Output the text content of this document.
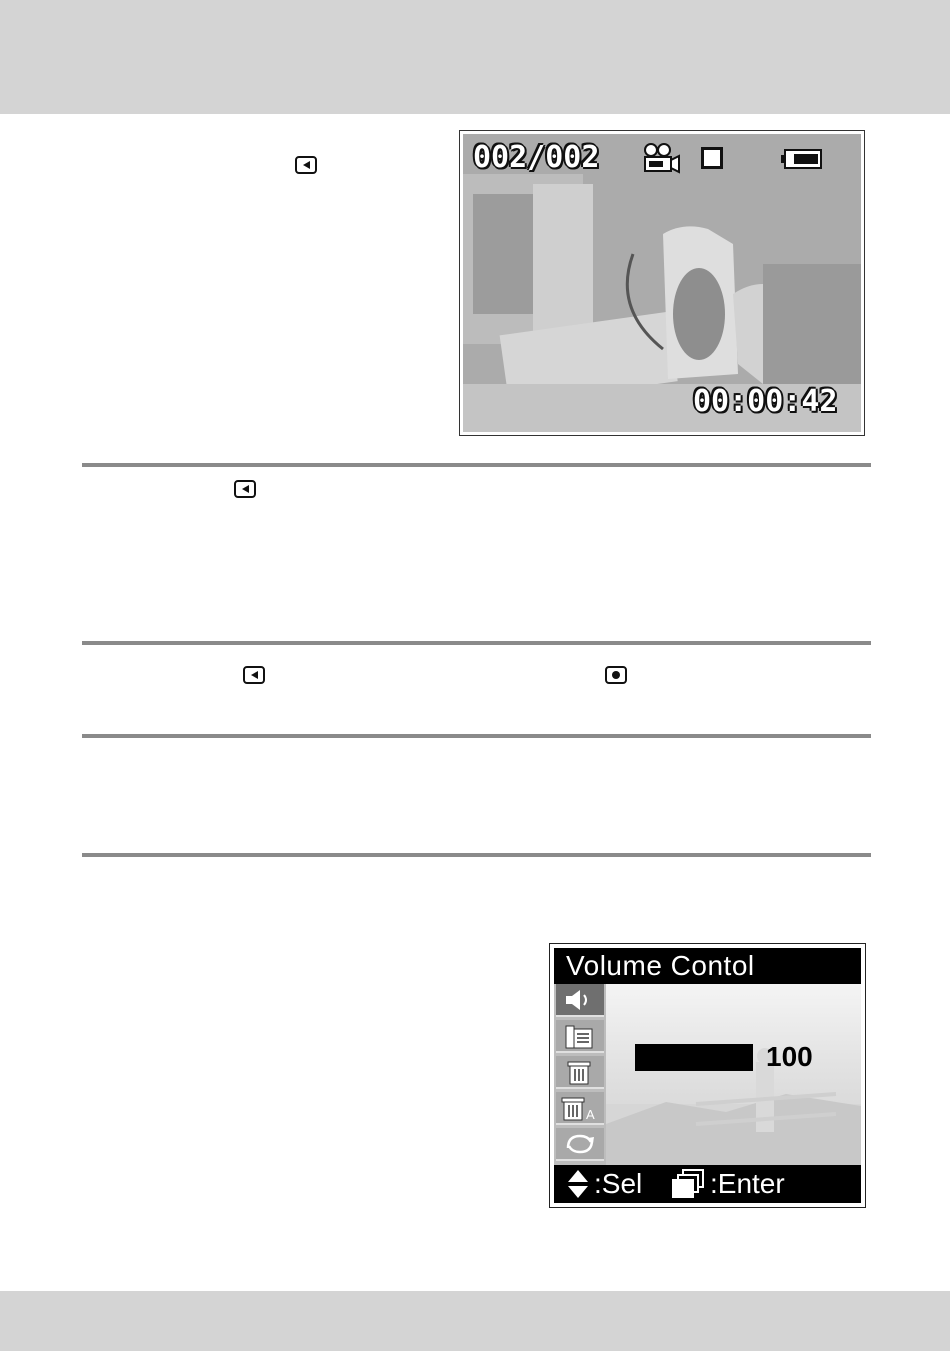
002/002
00:00:42
Volume Contol
A
100
:Sel :Enter
